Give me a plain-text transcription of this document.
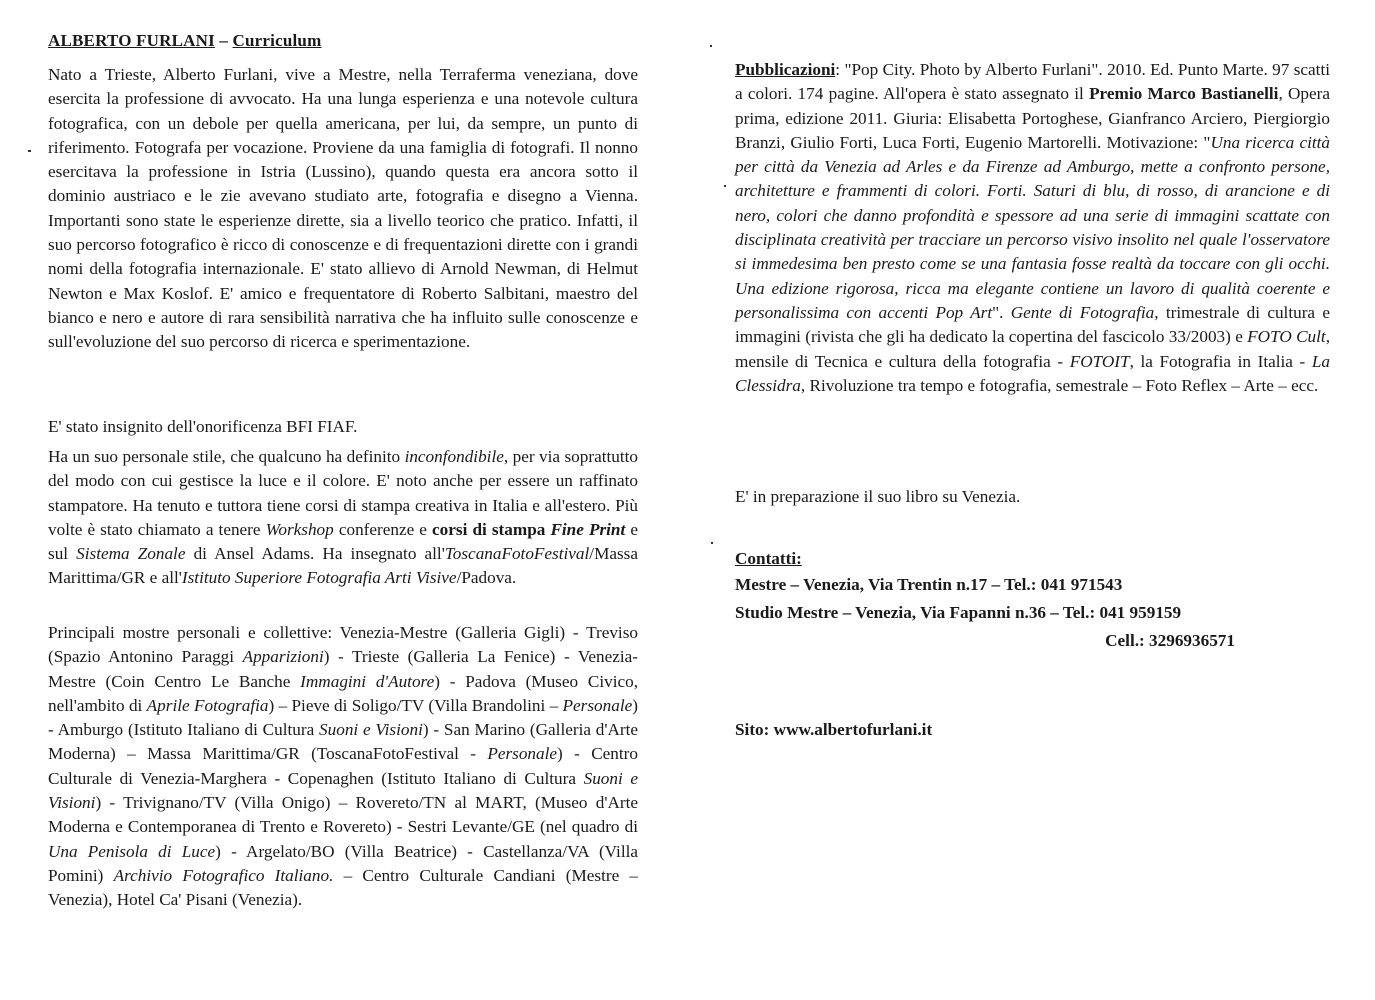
ALBERTO FURLANI – Curriculum

Nato a Trieste, Alberto Furlani, vive a Mestre, nella Terraferma veneziana, dove esercita la professione di avvocato. Ha una lunga esperienza e una notevole cultura fotografica, con un debole per quella americana, per lui, da sempre, un punto di riferimento. Fotografa per vocazione. Proviene da una famiglia di fotografi. Il nonno esercitava la professione in Istria (Lussino), quando questa era ancora sotto il dominio austriaco e le zie avevano studiato arte, fotografia e disegno a Vienna. Importanti sono state le esperienze dirette, sia a livello teorico che pratico. Infatti, il suo percorso fotografico è ricco di conoscenze e di frequentazioni dirette con i grandi nomi della fotografia internazionale. E' stato allievo di Arnold Newman, di Helmut Newton e Max Koslof. E' amico e frequentatore di Roberto Salbitani, maestro del bianco e nero e autore di rara sensibilità narrativa che ha influito sulle conoscenze e sull'evoluzione del suo percorso di ricerca e sperimentazione.

E' stato insignito dell'onorificenza BFI FIAF.

Ha un suo personale stile, che qualcuno ha definito inconfondibile, per via soprattutto del modo con cui gestisce la luce e il colore. E' noto anche per essere un raffinato stampatore. Ha tenuto e tuttora tiene corsi di stampa creativa in Italia e all'estero. Più volte è stato chiamato a tenere Workshop conferenze e corsi di stampa Fine Print e sul Sistema Zonale di Ansel Adams. Ha insegnato all'ToscanaFotoFestival/Massa Marittima/GR e all'Istituto Superiore Fotografia Arti Visive/Padova.

Principali mostre personali e collettive: Venezia-Mestre (Galleria Gigli) - Treviso (Spazio Antonino Paraggi Apparizioni) - Trieste (Galleria La Fenice) - Venezia-Mestre (Coin Centro Le Banche Immagini d'Autore) - Padova (Museo Civico, nell'ambito di Aprile Fotografia) – Pieve di Soligo/TV (Villa Brandolini – Personale) - Amburgo (Istituto Italiano di Cultura Suoni e Visioni) - San Marino (Galleria d'Arte Moderna) – Massa Marittima/GR (ToscanaFotoFestival - Personale) - Centro Culturale di Venezia-Marghera - Copenaghen (Istituto Italiano di Cultura Suoni e Visioni) - Trivignano/TV (Villa Onigo) – Rovereto/TN al MART, (Museo d'Arte Moderna e Contemporanea di Trento e Rovereto) - Sestri Levante/GE (nel quadro di Una Penisola di Luce) - Argelato/BO (Villa Beatrice) - Castellanza/VA (Villa Pomini) Archivio Fotografico Italiano. – Centro Culturale Candiani (Mestre – Venezia), Hotel Ca' Pisani (Venezia).

Pubblicazioni: "Pop City. Photo by Alberto Furlani". 2010. Ed. Punto Marte. 97 scatti a colori. 174 pagine. All'opera è stato assegnato il Premio Marco Bastianelli, Opera prima, edizione 2011. Giuria: Elisabetta Portoghese, Gianfranco Arciero, Piergiorgio Branzi, Giulio Forti, Luca Forti, Eugenio Martorelli. Motivazione: "Una ricerca città per città da Venezia ad Arles e da Firenze ad Amburgo, mette a confronto persone, architetture e frammenti di colori. Forti. Saturi di blu, di rosso, di arancione e di nero, colori che danno profondità e spessore ad una serie di immagini scattate con disciplinata creatività per tracciare un percorso visivo insolito nel quale l'osservatore si immedesima ben presto come se una fantasia fosse realtà da toccare con gli occhi. Una edizione rigorosa, ricca ma elegante contiene un lavoro di qualità coerente e personalissima con accenti Pop Art". Gente di Fotografia, trimestrale di cultura e immagini (rivista che gli ha dedicato la copertina del fascicolo 33/2003) e FOTO Cult, mensile di Tecnica e cultura della fotografia - FOTOIT, la Fotografia in Italia - La Clessidra, Rivoluzione tra tempo e fotografia, semestrale – Foto Reflex – Arte – ecc.

E' in preparazione il suo libro su Venezia.

Contatti:
Mestre – Venezia, Via Trentin n.17 – Tel.: 041 971543
Studio Mestre – Venezia, Via Fapanni n.36 – Tel.: 041 959159
Cell.: 3296936571
Sito: www.albertofurlani.it
